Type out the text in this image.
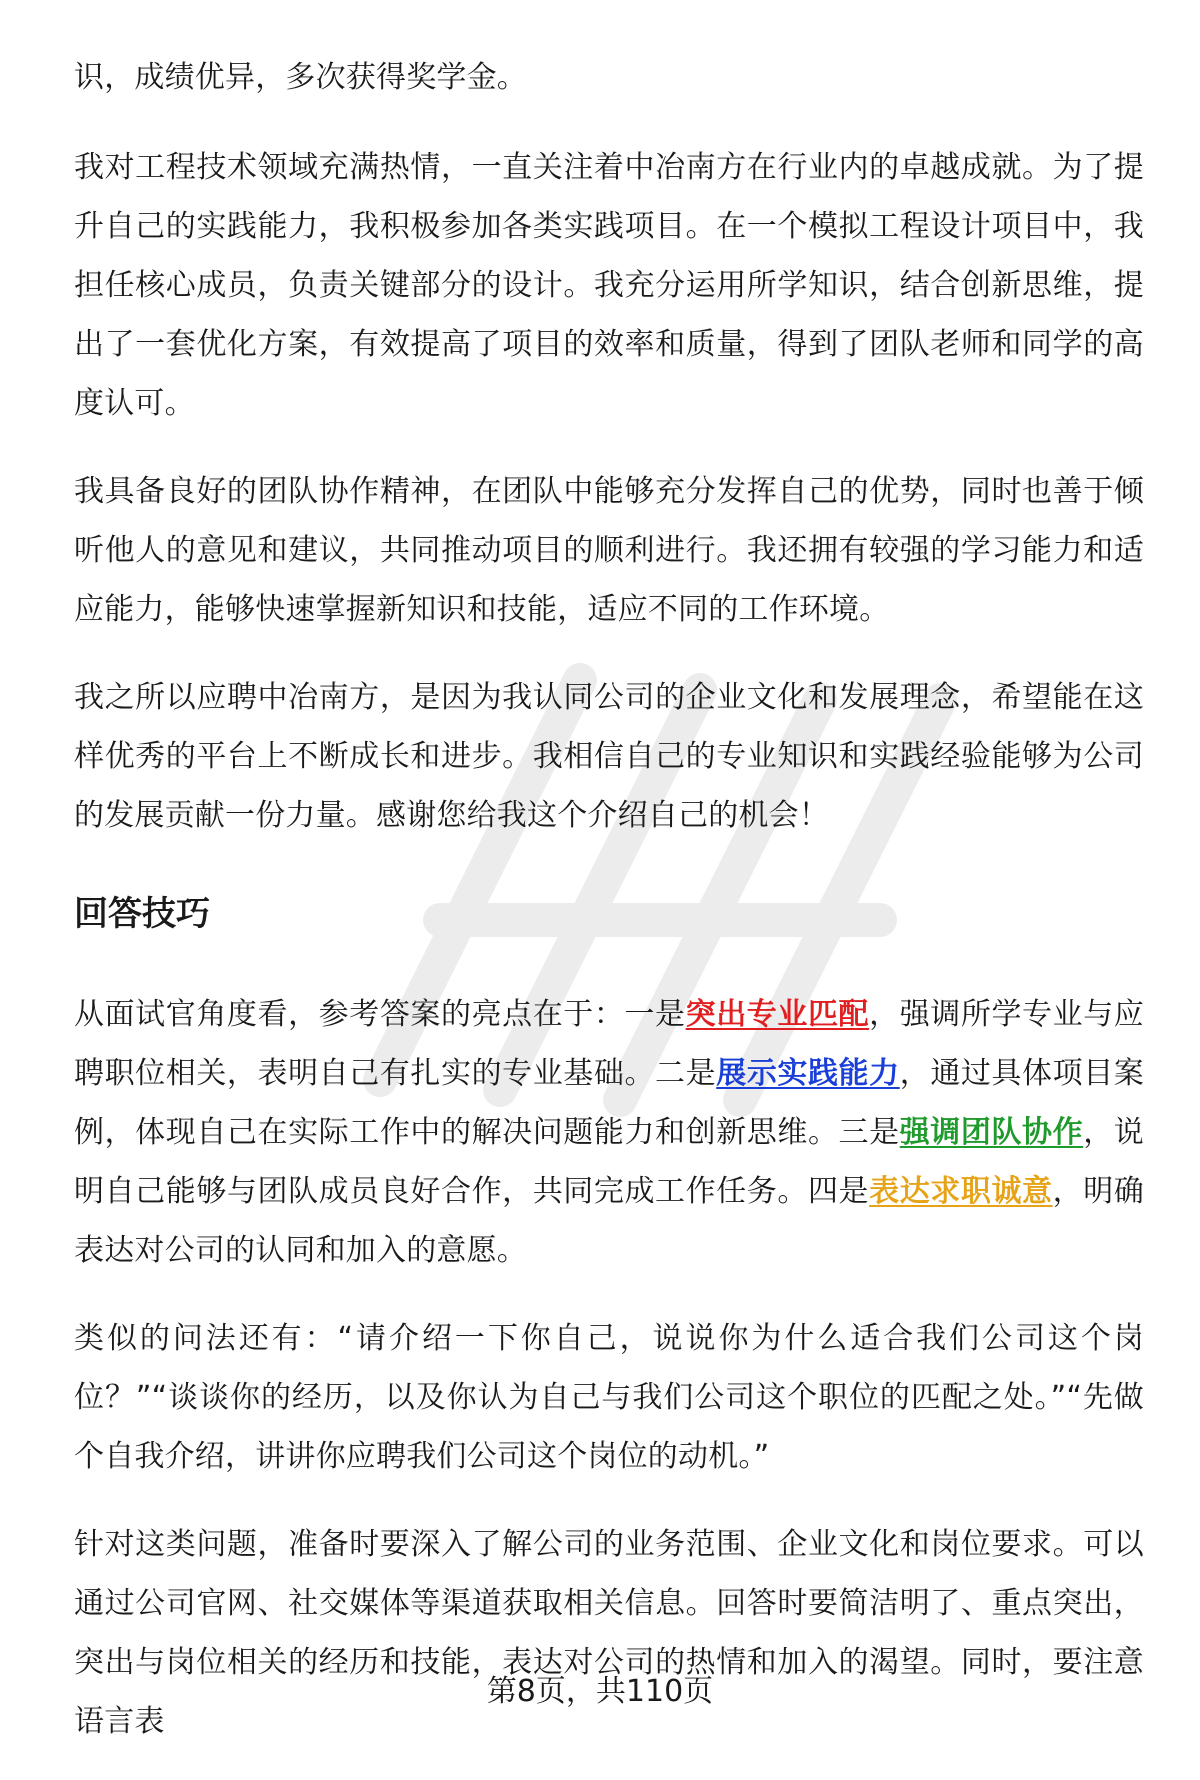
识，成绩优异，多次获得奖学金。

我对工程技术领域充满热情，一直关注着中冶南方在行业内的卓越成就。为了提升自己的实践能力，我积极参加各类实践项目。在一个模拟工程设计项目中，我担任核心成员，负责关键部分的设计。我充分运用所学知识，结合创新思维，提出了一套优化方案，有效提高了项目的效率和质量，得到了团队老师和同学的高度认可。

我具备良好的团队协作精神，在团队中能够充分发挥自己的优势，同时也善于倾听他人的意见和建议，共同推动项目的顺利进行。我还拥有较强的学习能力和适应能力，能够快速掌握新知识和技能，适应不同的工作环境。

我之所以应聘中冶南方，是因为我认同公司的企业文化和发展理念，希望能在这样优秀的平台上不断成长和进步。我相信自己的专业知识和实践经验能够为公司的发展贡献一份力量。感谢您给我这个介绍自己的机会！

回答技巧

从面试官角度看，参考答案的亮点在于：一是突出专业匹配，强调所学专业与应聘职位相关，表明自己有扎实的专业基础。二是展示实践能力，通过具体项目案例，体现自己在实际工作中的解决问题能力和创新思维。三是强调团队协作，说明自己能够与团队成员良好合作，共同完成工作任务。四是表达求职诚意，明确表达对公司的认同和加入的意愿。

类似的问法还有：“请介绍一下你自己，说说你为什么适合我们公司这个岗位？”“谈谈你的经历，以及你认为自己与我们公司这个职位的匹配之处。”“先做个自我介绍，讲讲你应聘我们公司这个岗位的动机。”

针对这类问题，准备时要深入了解公司的业务范围、企业文化和岗位要求。可以通过公司官网、社交媒体等渠道获取相关信息。回答时要简洁明了、重点突出，突出与岗位相关的经历和技能，表达对公司的热情和加入的渴望。同时，要注意语言表

第8页，共110页
